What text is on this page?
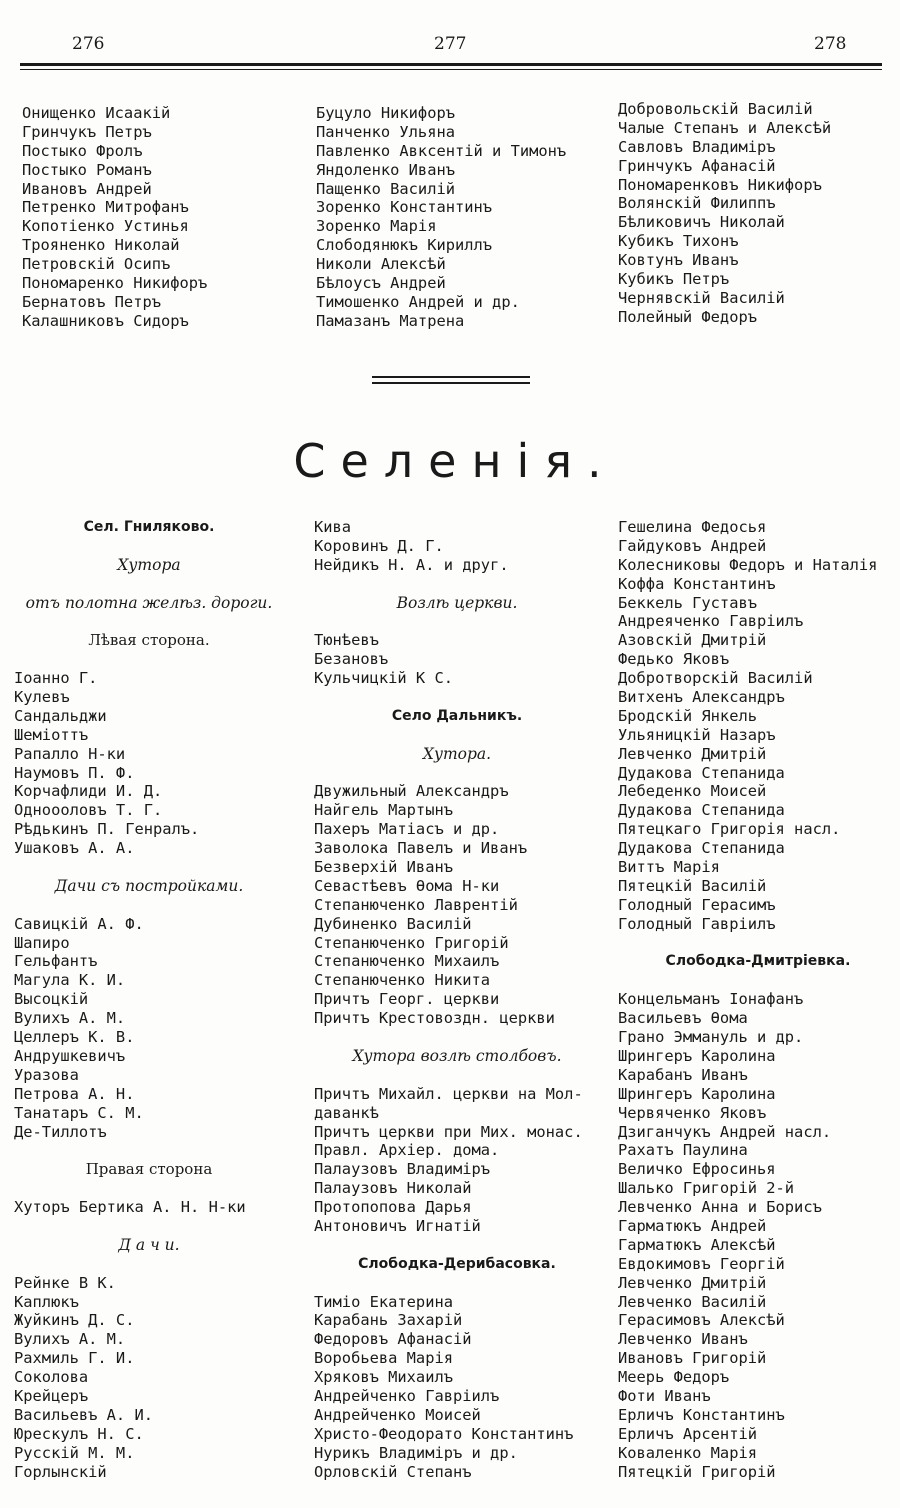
276	277	278
Онищенко Исаакій
Гринчукъ Петръ
Постыко Фролъ
Постыко Романъ
Ивановъ Андрей
Петренко Митрофанъ
Копотіенко Устинья
Трояненко Николай
Петровскій Осипъ
Пономаренко Никифоръ
Бернатовъ Петръ
Калашниковъ Сидоръ
Буцуло Никифоръ
Панченко Ульяна
Павленко Авксентій и Тимонъ
Яндоленко Иванъ
Пащенко Василій
Зоренко Константинъ
Зоренко Марія
Слободянюкъ Кириллъ
Николи Алексѣй
Бѣлоусъ Андрей
Тимошенко Андрей и др.
Памазанъ Матрена
Добровольскій Василій
Чалые Степанъ и Алексѣй
Савловъ Владиміръ
Гринчукъ Афанасій
Пономаренковъ Никифоръ
Волянскій Филиппъ
Бѣликовичъ Николай
Кубикъ Тихонъ
Ковтунъ Иванъ
Кубикъ Петръ
Чернявскій Василій
Полейный Федоръ
Селенія.
Сел. Гниляково.
Хутора
отъ полотна желѣз. дороги.
Лѣвая сторона.
Іоанно Г.
Кулевъ
Сандальджи
Шеміоттъ
Рапалло Н-ки
Наумовъ П. Ф.
Корчафлиди И. Д.
Одноооловъ Т. Г.
Рѣдькинъ П. Генралъ.
Ушаковъ А. А.
Дачи съ постройками.
Савицкій А. Ф.
Шапиро
Гельфантъ
Магула К. И.
Высоцкій
Вулихъ А. М.
Целлеръ К. В.
Андрушкевичъ
Уразова
Петрова А. Н.
Танатаръ С. М.
Де-Тиллотъ
Правая сторона
Хуторъ Бертика А. Н. Н-ки
Д а ч и.
Рейнке В К.
Каплюкъ
Жуйкинъ Д. С.
Вулихъ А. М.
Рахмиль Г. И.
Соколова
Крейцеръ
Васильевъ А. И.
Юрескулъ Н. С.
Русскій М. М.
Горлынскій
Кива
Коровинъ Д. Г.
Нейдикъ Н. А. и друг.
Возлѣ церкви.
Тюнѣевъ
Безановъ
Кульчицкій К С.
Село Дальникъ.
Хутора.
Двужильный Александръ
Найгель Мартынъ
Пахеръ Матіасъ и др.
Заволока Павелъ и Иванъ
Безверхій Иванъ
Севастѣевъ Ѳома Н-ки
Степанюченко Лаврентій
Дубиненко Василій
Степанюченко Григорій
Степанюченко Михаилъ
Степанюченко Никита
Причтъ Георг. церкви
Причтъ Крестовоздн. церкви
Хутора возлѣ столбовъ.
Причтъ Михайл. церкви на Мол-
даванкѣ
Причтъ церкви при Мих. монас.
Правл. Архіер. дома.
Палаузовъ Владиміръ
Палаузовъ Николай
Протопопова Дарья
Антоновичъ Игнатій
Слободка-Дерибасовка.
Тиміо Екатерина
Карабань Захарій
Федоровъ Афанасій
Воробьева Марія
Хряковъ Михаилъ
Андрейченко Гавріилъ
Андрейченко Моисей
Христо-Феодорато Константинъ
Нурикъ Владиміръ и др.
Орловскій Степанъ
Гешелина Федосья
Гайдуковъ Андрей
Колесниковы Федоръ и Наталія
Коффа Константинъ
Беккель Густавъ
Андреяченко Гавріилъ
Азовскій Дмитрій
Федько Яковъ
Добротворскій Василій
Витхенъ Александръ
Бродскій Янкель
Ульяницкій Назаръ
Левченко Дмитрій
Дудакова Степанида
Лебеденко Моисей
Дудакова Степанида
Пятецкаго Григорія насл.
Дудакова Степанида
Виттъ Марія
Пятецкій Василій
Голодный Герасимъ
Голодный Гавріилъ
Слободка-Дмитріевка.
Концельманъ Іонафанъ
Васильевъ Ѳома
Грано Эммануль и др.
Шрингеръ Каролина
Карабанъ Иванъ
Шрингеръ Каролина
Червяченко Яковъ
Дзиганчукъ Андрей насл.
Рахатъ Паулина
Величко Ефросинья
Шалько Григорій 2-й
Левченко Анна и Борисъ
Гарматюкъ Андрей
Гарматюкъ Алексѣй
Евдокимовъ Георгій
Левченко Дмитрій
Левченко Василій
Герасимовъ Алексѣй
Левченко Иванъ
Ивановъ Григорій
Меерь Федоръ
Фоти Иванъ
Ерличъ Константинъ
Ерличъ Арсентій
Коваленко Марія
Пятецкій Григорій
